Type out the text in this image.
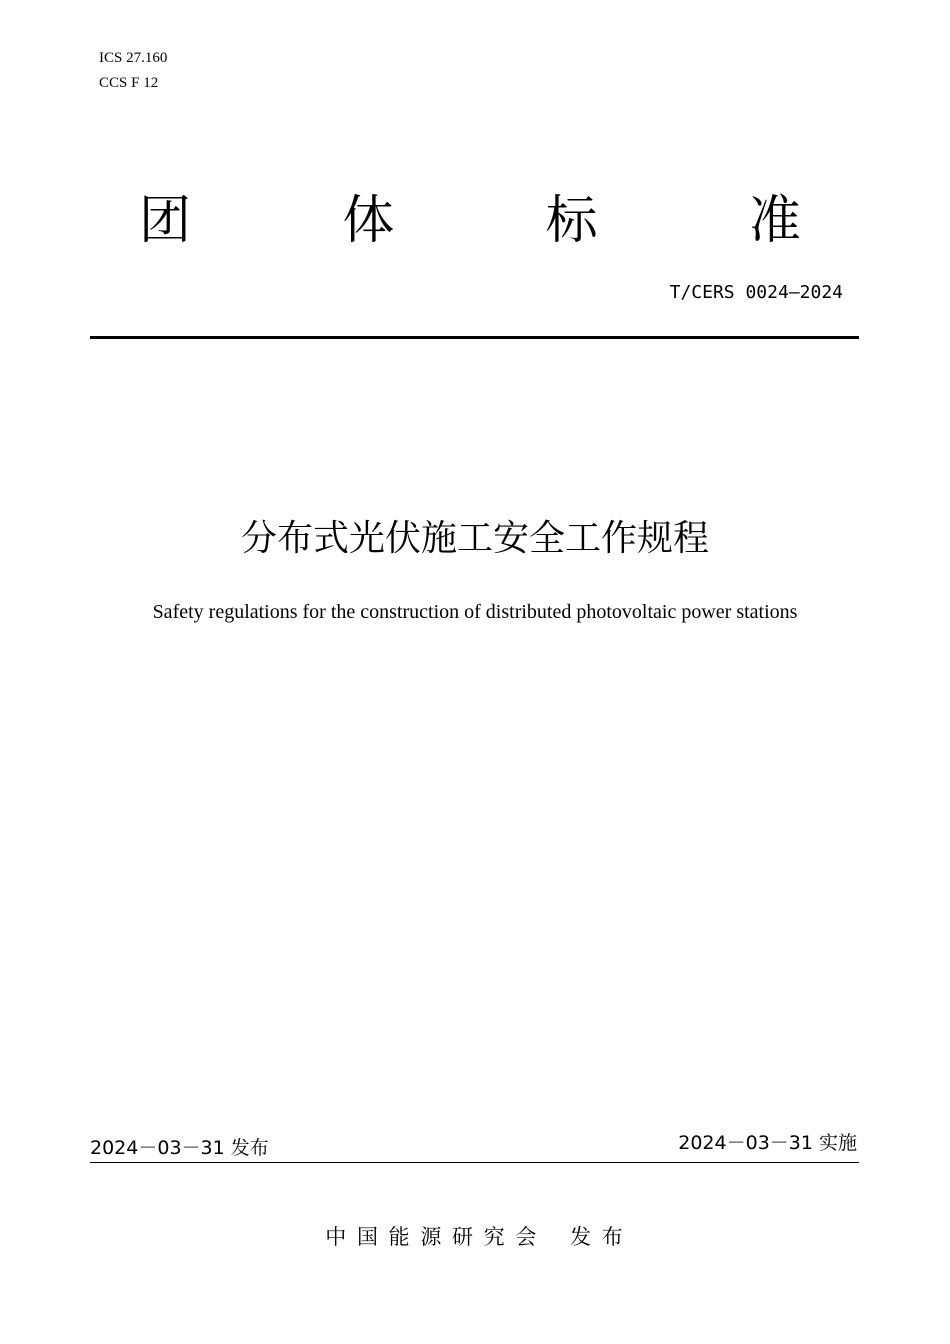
ICS 27.160
CCS F 12
团	体	标	准
T/CERS 0024—2024
分布式光伏施工安全工作规程
Safety regulations for the construction of distributed photovoltaic power stations
2024－03－31 发布	2024－03－31 实施
中 国 能 源 研 究 会　 发 布
